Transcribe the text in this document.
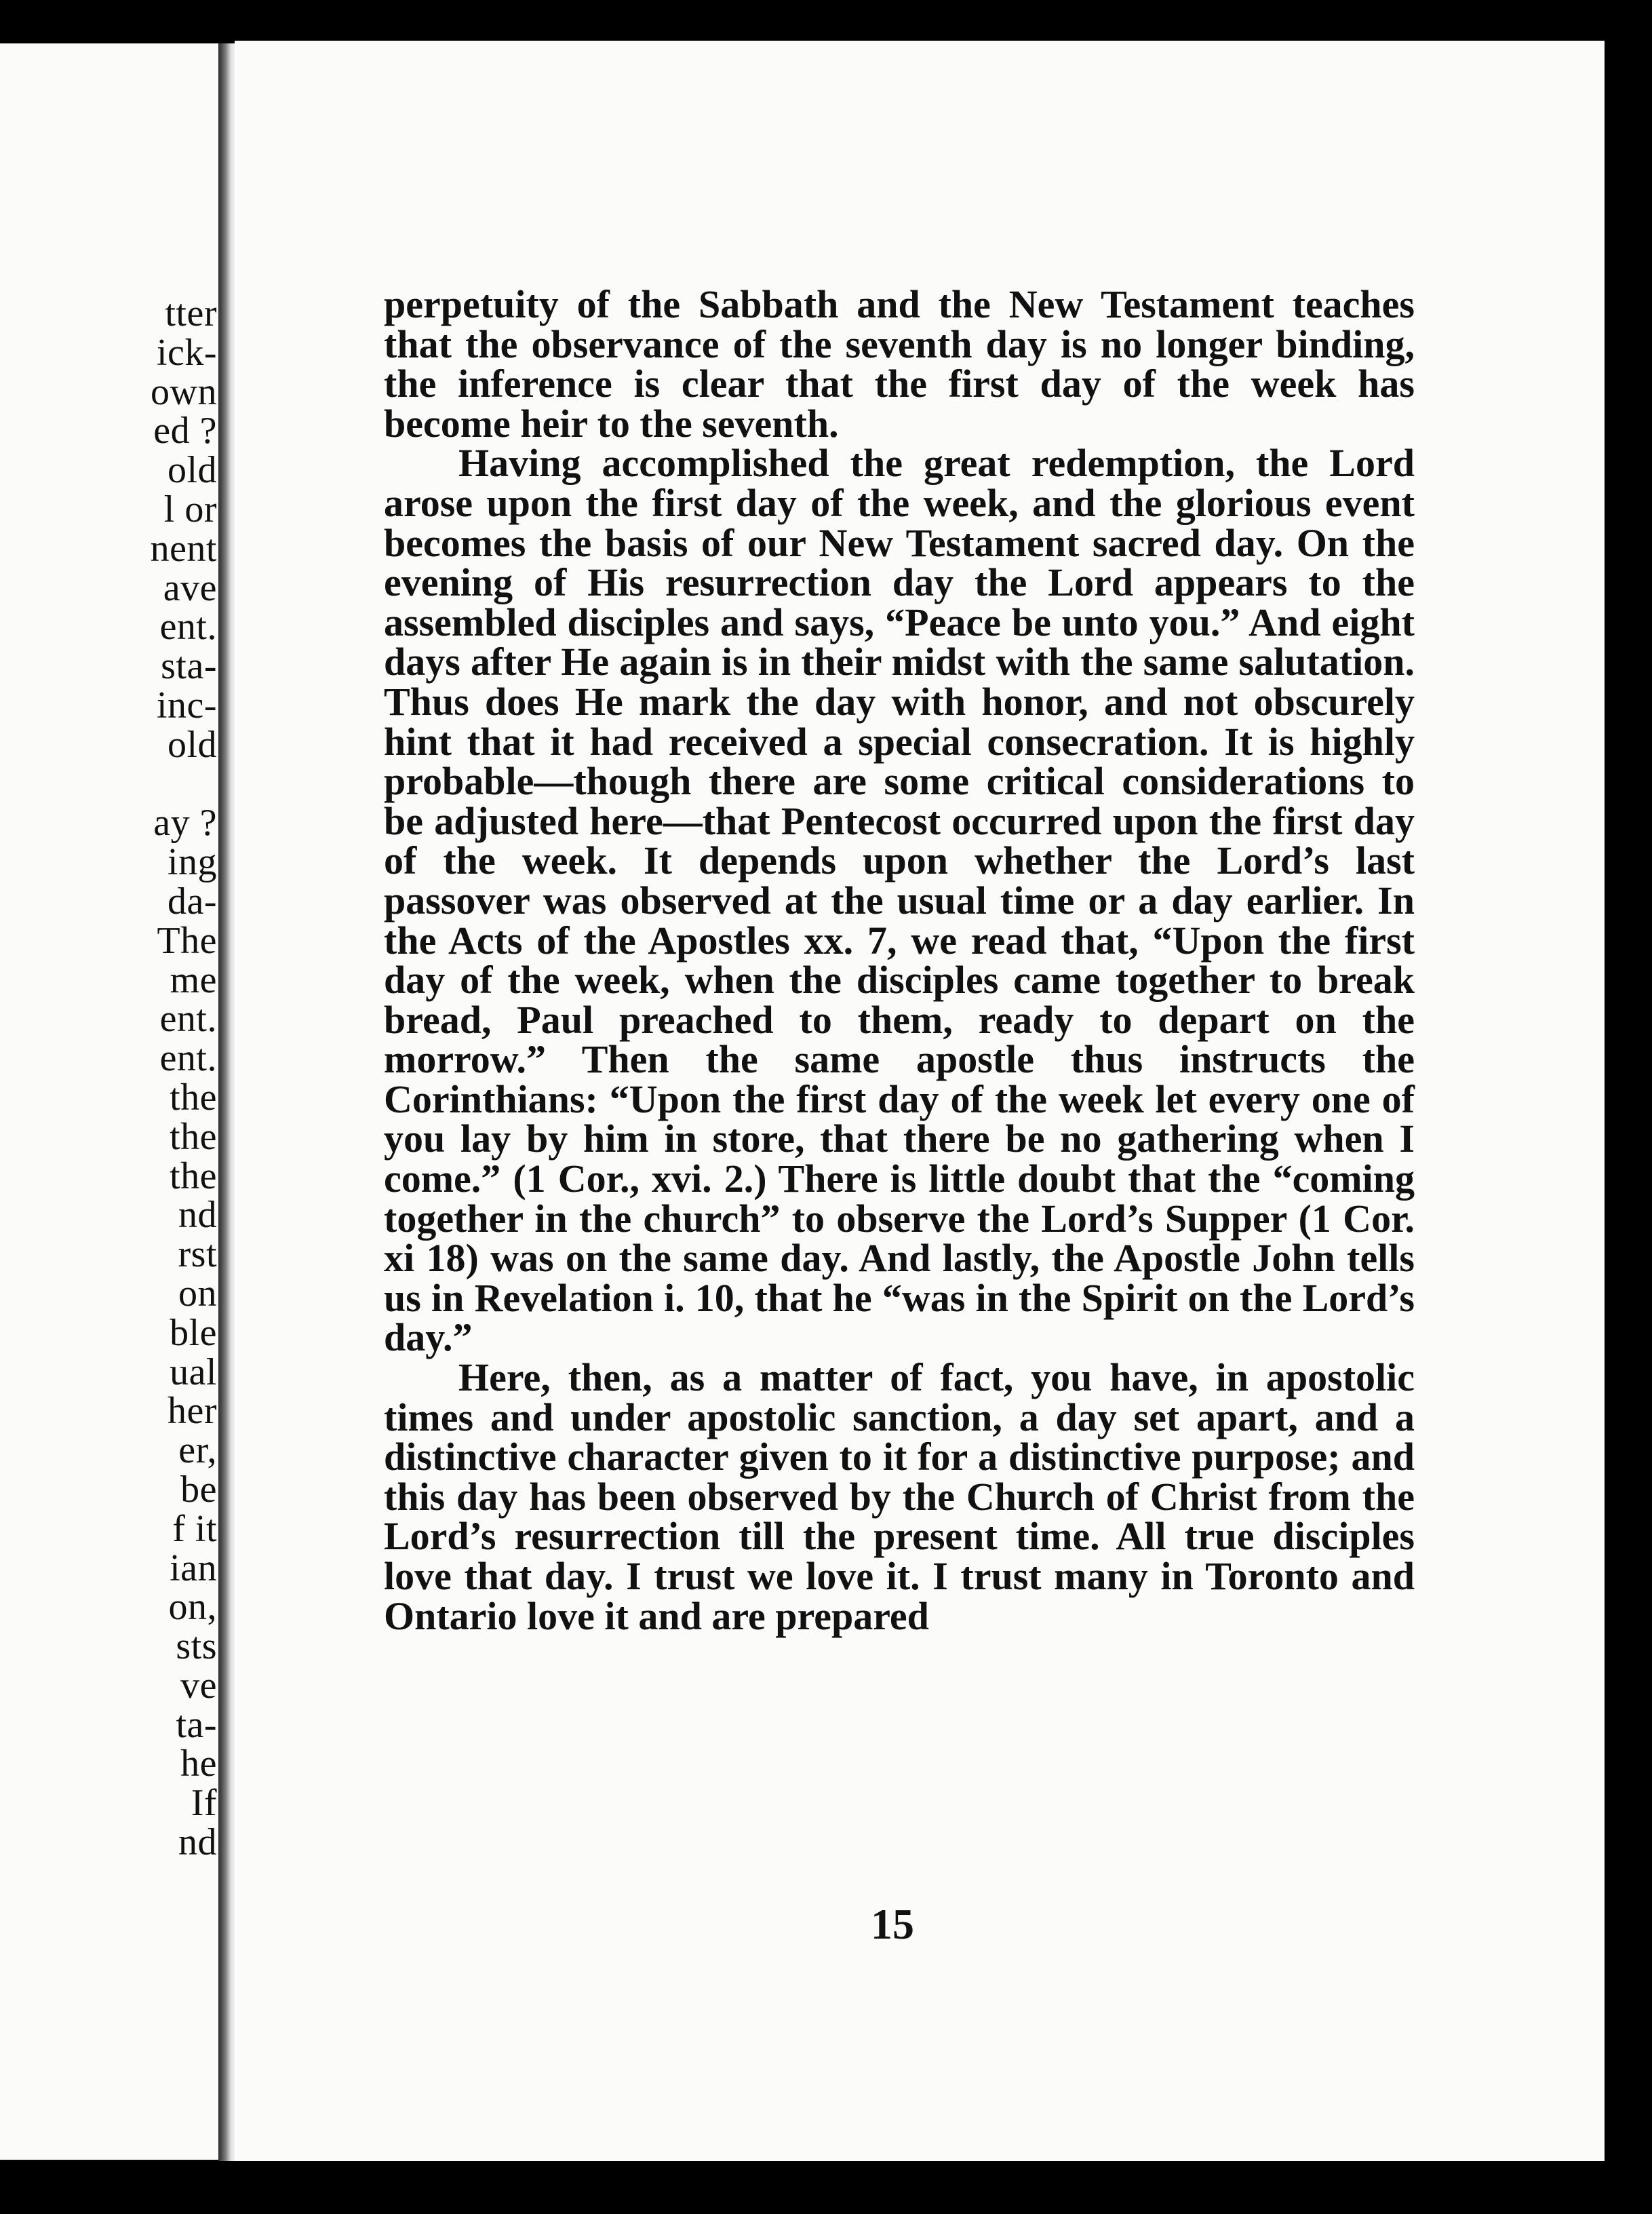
tter
ick-
own
ed ?
old
l or
nent
ave
ent.
sta-
inc-
old
ay ?
ing
da-
The
me
ent.
ent.
the
the
the
nd
rst
on
ble
ual
her
er,
be
f it
ian
on,
sts
ve
ta-
he
If
nd

perpetuity of the Sabbath and the New Testament teaches that the observance of the seventh day is no longer binding, the inference is clear that the first day of the week has become heir to the seventh.

Having accomplished the great redemption, the Lord arose upon the first day of the week, and the glorious event becomes the basis of our New Testament sacred day. On the evening of His resurrection day the Lord appears to the assembled disciples and says, “Peace be unto you.” And eight days after He again is in their midst with the same salutation. Thus does He mark the day with honor, and not obscurely hint that it had received a special consecration. It is highly probable—though there are some critical considerations to be adjusted here—that Pentecost occurred upon the first day of the week. It depends upon whether the Lord’s last passover was observed at the usual time or a day earlier. In the Acts of the Apostles xx. 7, we read that, “Upon the first day of the week, when the disciples came together to break bread, Paul preached to them, ready to depart on the morrow.” Then the same apostle thus instructs the Corinthians: “Upon the first day of the week let every one of you lay by him in store, that there be no gathering when I come.” (1 Cor., xvi. 2.) There is little doubt that the “coming together in the church” to observe the Lord’s Supper (1 Cor. xi 18) was on the same day. And lastly, the Apostle John tells us in Revelation i. 10, that he “was in the Spirit on the Lord’s day.”

Here, then, as a matter of fact, you have, in apostolic times and under apostolic sanction, a day set apart, and a distinctive character given to it for a distinctive purpose; and this day has been observed by the Church of Christ from the Lord’s resurrection till the present time. All true disciples love that day. I trust we love it. I trust many in Toronto and Ontario love it and are prepared

15
